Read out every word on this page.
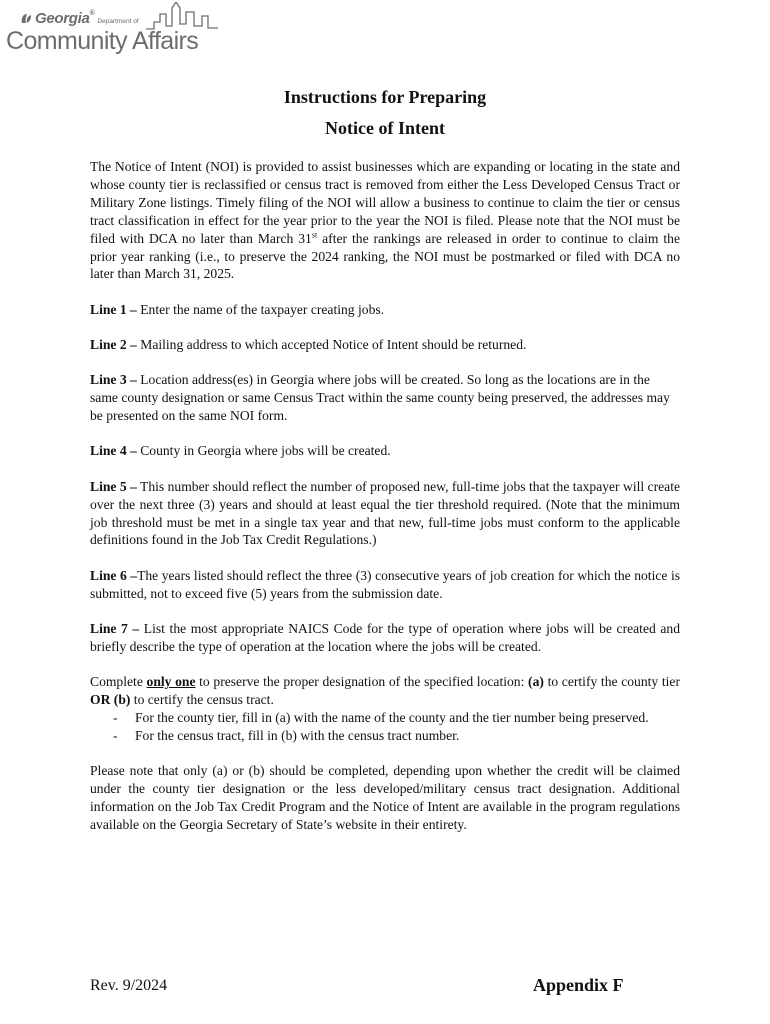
Georgia ®
Department of
Community Affairs
Instructions for Preparing
Notice of Intent

The Notice of Intent (NOI) is provided to assist businesses which are expanding or locating in the state and whose county tier is reclassified or census tract is removed from either the Less Developed Census Tract or Military Zone listings. Timely filing of the NOI will allow a business to continue to claim the tier or census tract classification in effect for the year prior to the year the NOI is filed. Please note that the NOI must be filed with DCA no later than March 31st after the rankings are released in order to continue to claim the prior year ranking (i.e., to preserve the 2024 ranking, the NOI must be postmarked or filed with DCA no later than March 31, 2025.

Line 1 – Enter the name of the taxpayer creating jobs.

Line 2 – Mailing address to which accepted Notice of Intent should be returned.

Line 3 – Location address(es) in Georgia where jobs will be created. So long as the locations are in the same county designation or same Census Tract within the same county being preserved, the addresses may be presented on the same NOI form.

Line 4 – County in Georgia where jobs will be created.

Line 5 – This number should reflect the number of proposed new, full-time jobs that the taxpayer will create over the next three (3) years and should at least equal the tier threshold required. (Note that the minimum job threshold must be met in a single tax year and that new, full-time jobs must conform to the applicable definitions found in the Job Tax Credit Regulations.)

Line 6 –The years listed should reflect the three (3) consecutive years of job creation for which the notice is submitted, not to exceed five (5) years from the submission date.

Line 7 – List the most appropriate NAICS Code for the type of operation where jobs will be created and briefly describe the type of operation at the location where the jobs will be created.

Complete only one to preserve the proper designation of the specified location: (a) to certify the county tier OR (b) to certify the census tract.

- For the county tier, fill in (a) with the name of the county and the tier number being preserved.
- For the census tract, fill in (b) with the census tract number.

Please note that only (a) or (b) should be completed, depending upon whether the credit will be claimed under the county tier designation or the less developed/military census tract designation. Additional information on the Job Tax Credit Program and the Notice of Intent are available in the program regulations available on the Georgia Secretary of State’s website in their entirety.

Rev. 9/2024	Appendix F
